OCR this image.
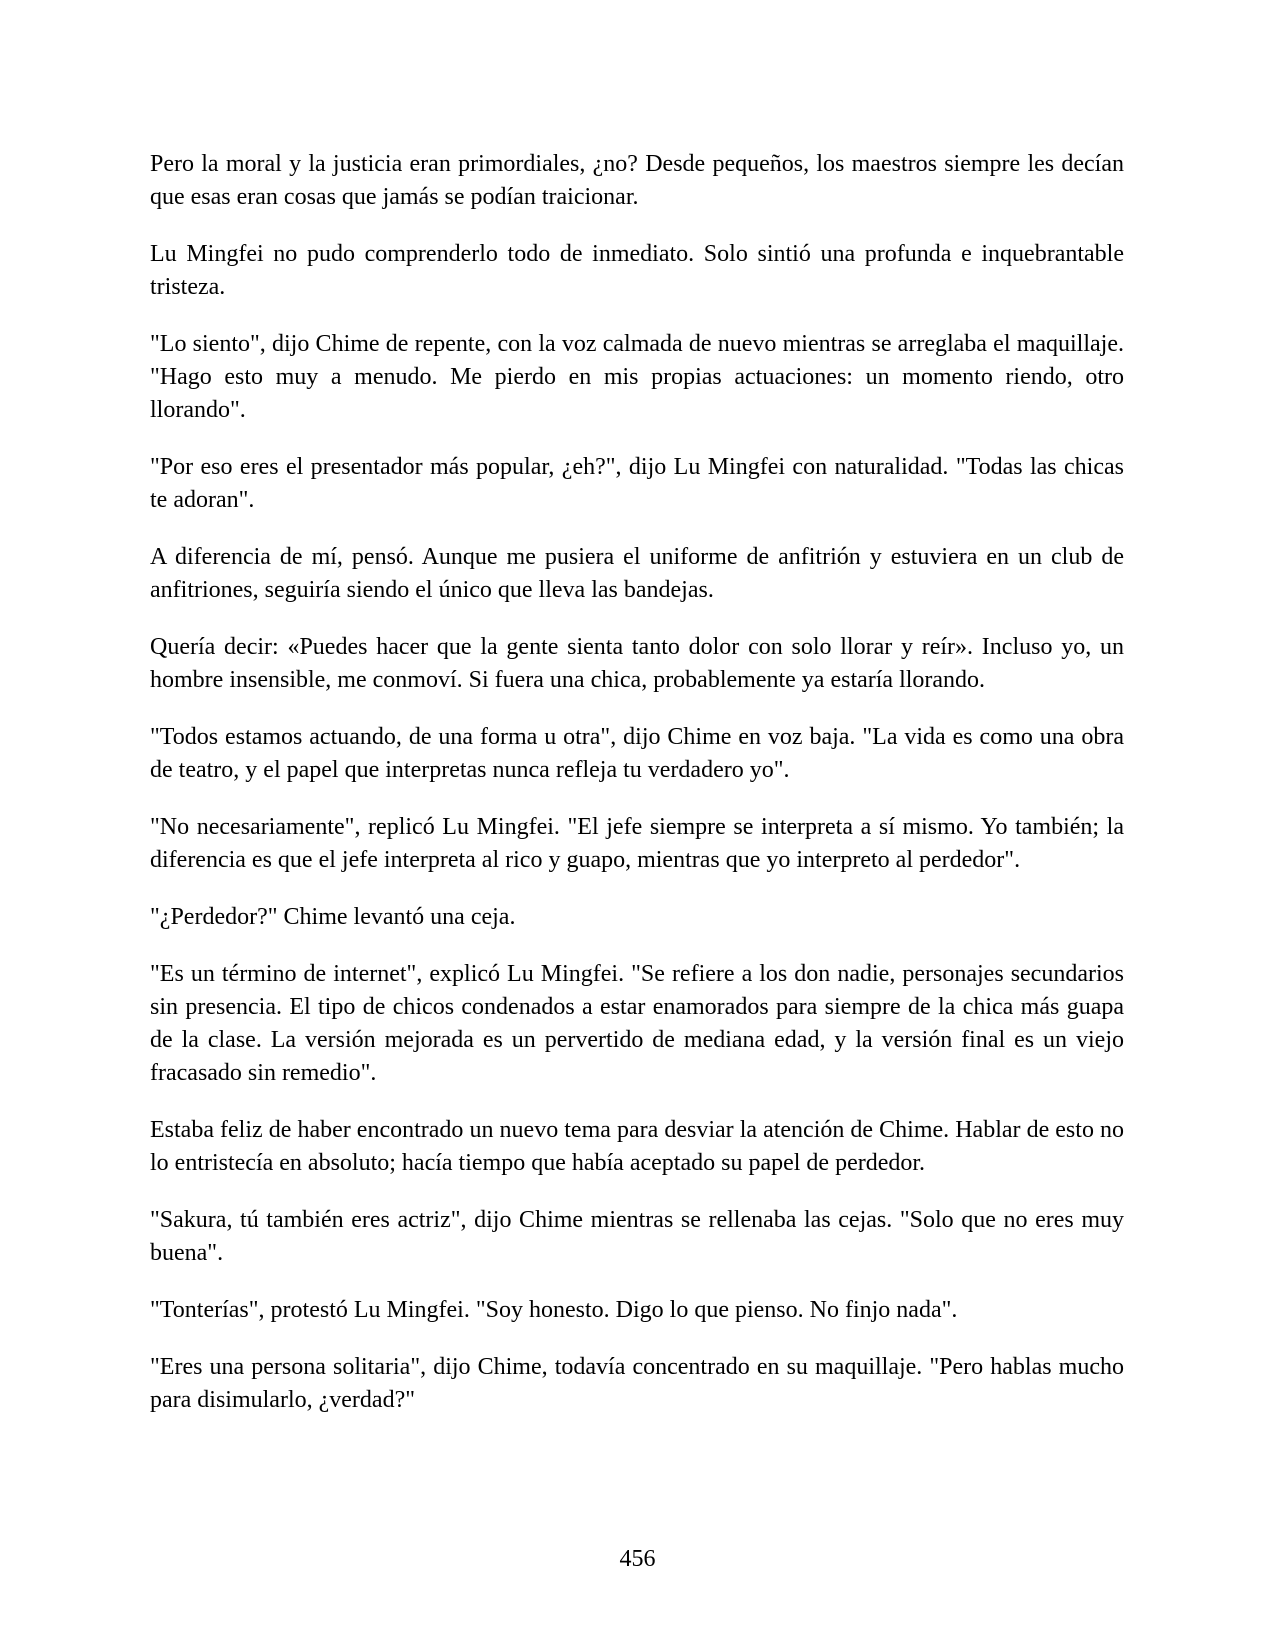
Pero la moral y la justicia eran primordiales, ¿no? Desde pequeños, los maestros siempre les decían que esas eran cosas que jamás se podían traicionar.

Lu Mingfei no pudo comprenderlo todo de inmediato. Solo sintió una profunda e inquebrantable tristeza.

"Lo siento", dijo Chime de repente, con la voz calmada de nuevo mientras se arreglaba el maquillaje. "Hago esto muy a menudo. Me pierdo en mis propias actuaciones: un momento riendo, otro llorando".

"Por eso eres el presentador más popular, ¿eh?", dijo Lu Mingfei con naturalidad. "Todas las chicas te adoran".

A diferencia de mí, pensó. Aunque me pusiera el uniforme de anfitrión y estuviera en un club de anfitriones, seguiría siendo el único que lleva las bandejas.

Quería decir: «Puedes hacer que la gente sienta tanto dolor con solo llorar y reír». Incluso yo, un hombre insensible, me conmoví. Si fuera una chica, probablemente ya estaría llorando.

"Todos estamos actuando, de una forma u otra", dijo Chime en voz baja. "La vida es como una obra de teatro, y el papel que interpretas nunca refleja tu verdadero yo".

"No necesariamente", replicó Lu Mingfei. "El jefe siempre se interpreta a sí mismo. Yo también; la diferencia es que el jefe interpreta al rico y guapo, mientras que yo interpreto al perdedor".

"¿Perdedor?" Chime levantó una ceja.

"Es un término de internet", explicó Lu Mingfei. "Se refiere a los don nadie, personajes secundarios sin presencia. El tipo de chicos condenados a estar enamorados para siempre de la chica más guapa de la clase. La versión mejorada es un pervertido de mediana edad, y la versión final es un viejo fracasado sin remedio".

Estaba feliz de haber encontrado un nuevo tema para desviar la atención de Chime. Hablar de esto no lo entristecía en absoluto; hacía tiempo que había aceptado su papel de perdedor.

"Sakura, tú también eres actriz", dijo Chime mientras se rellenaba las cejas. "Solo que no eres muy buena".

"Tonterías", protestó Lu Mingfei. "Soy honesto. Digo lo que pienso. No finjo nada".

"Eres una persona solitaria", dijo Chime, todavía concentrado en su maquillaje. "Pero hablas mucho para disimularlo, ¿verdad?"

456
